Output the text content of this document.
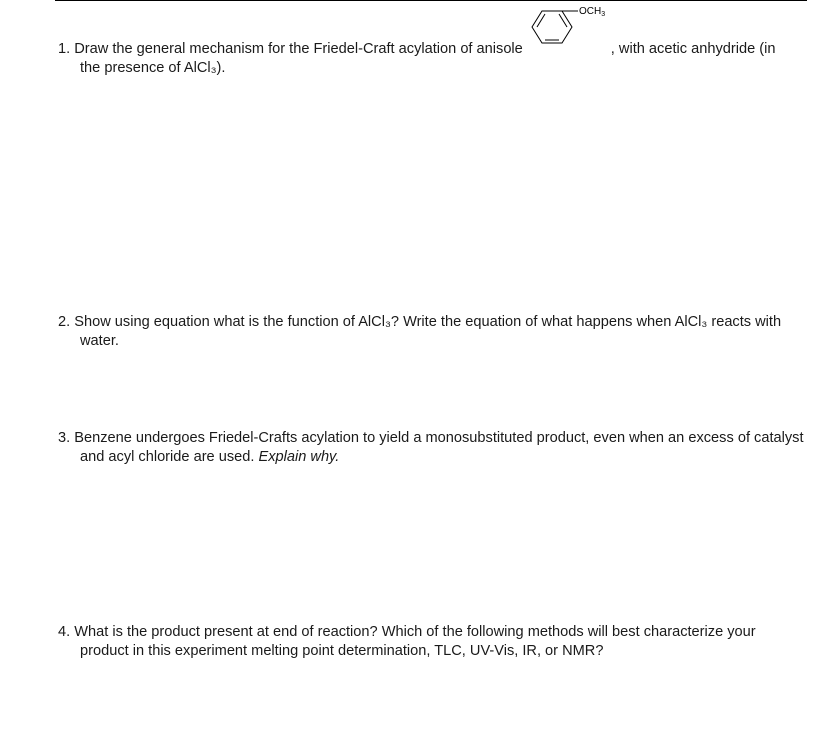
$OCH_3$
1. Draw the general mechanism for the Friedel-Craft acylation of anisole	, with acetic anhydride (in
the presence of AlCl₃).
2. Show using equation what is the function of AlCl₃? Write the equation of what happens when AlCl₃ reacts with
water.
3. Benzene undergoes Friedel-Crafts acylation to yield a monosubstituted product, even when an excess of catalyst
and acyl chloride are used. Explain why.
4. What is the product present at end of reaction? Which of the following methods will best characterize your
product in this experiment melting point determination, TLC, UV-Vis, IR, or NMR?
